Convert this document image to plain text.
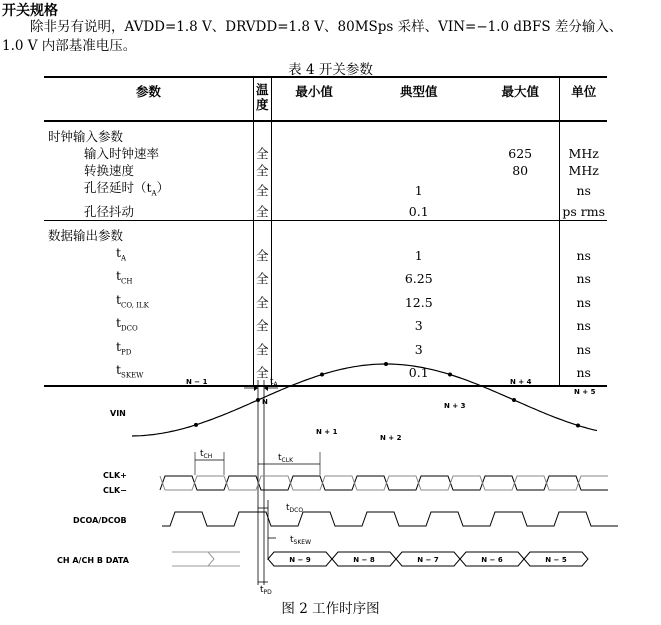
开关规格
除非另有说明，AVDD=1.8 V、DRVDD=1.8 V、80MSps 采样、VIN=−1.0 dBFS 差分输入、
1.0 V 内部基准电压。
表 4 开关参数
参数	温度	最小值	典型值	最大值	单位

时钟输入参数					
输入时钟速率	全			625	MHz
转换速度	全			80	MHz
孔径延时$(t_A)$	全		1		ns
孔径抖动	全		0.1		ps rms

数据输出参数					
$t_A$	全		1		ns
$t_{CH}$	全		6.25		ns
$t_{CO, ILK}$	全		12.5		ns
$t_{DCO}$	全		3		ns
$t_{PD}$	全		3		ns
$t_{SKEW}$	全		0.1		ns
VIN
CLK+
CLK−
DCOA/DCOB
CH A/CH B DATA
N − 1
N
N + 1
N + 2
N + 3
N + 4
N + 5
$t_A$
$t_{CH}$	$t_{CLK}$
$t_{DCO}$
$t_{SKEW}$
N − 9	N − 8	N − 7	N − 6	N − 5
$t_{PD}$
图 2 工作时序图
